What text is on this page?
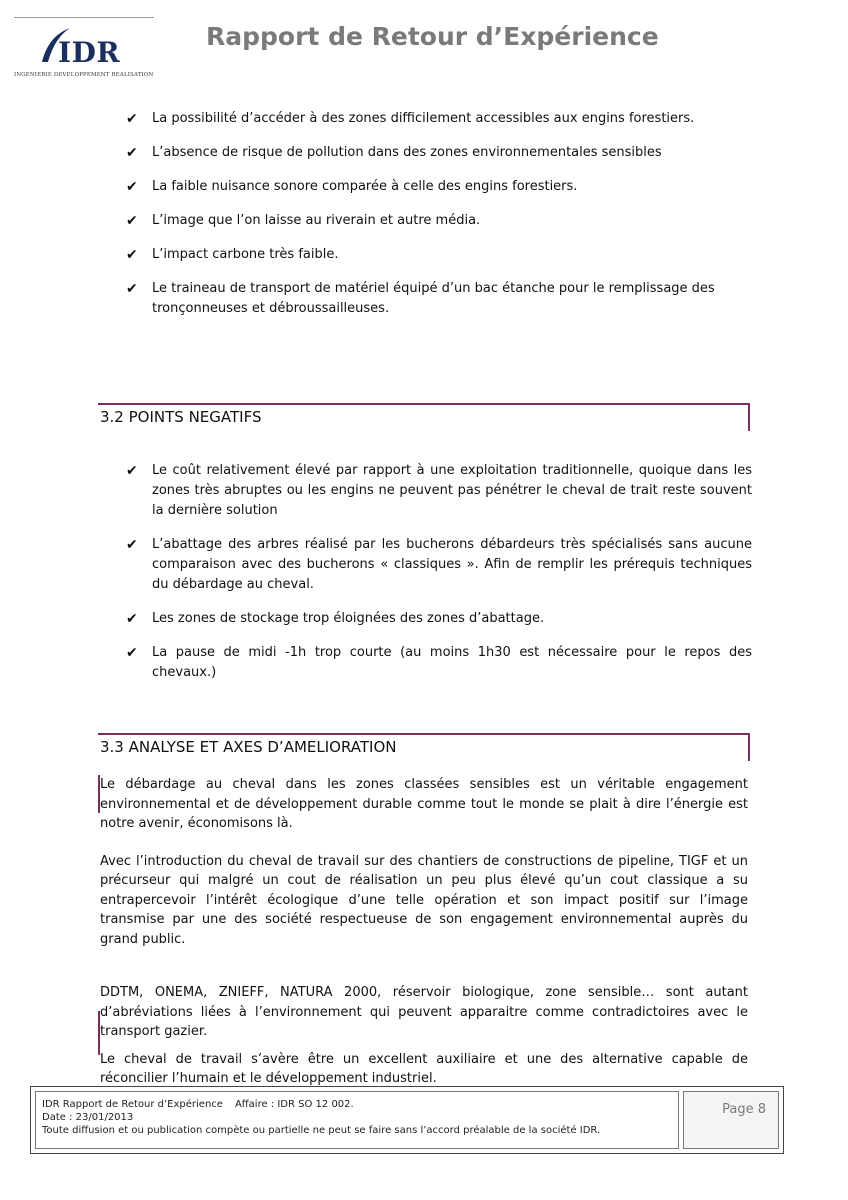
IDR
INGENIERIE DEVELOPPEMENT REALISATION
Rapport de Retour d’Expérience
✔ La possibilité d’accéder à des zones difficilement accessibles aux engins forestiers.
✔ L’absence de risque de pollution dans des zones environnementales sensibles
✔ La faible nuisance sonore comparée à celle des engins forestiers.
✔ L’image que l’on laisse au riverain et autre média.
✔ L’impact carbone très faible.
✔ Le traineau de transport de matériel équipé d’un bac étanche pour le remplissage des tronçonneuses et débroussailleuses.
3.2 POINTS NEGATIFS
✔ Le coût relativement élevé par rapport à une exploitation traditionnelle, quoique dans les zones très abruptes ou les engins ne peuvent pas pénétrer le cheval de trait reste souvent la dernière solution
✔ L’abattage des arbres réalisé par les bucherons débardeurs très spécialisés sans aucune comparaison avec des bucherons « classiques ». Afin de remplir les prérequis techniques du débardage au cheval.
✔ Les zones de stockage trop éloignées des zones d’abattage.
✔ La pause de midi -1h trop courte (au moins 1h30 est nécessaire pour le repos des chevaux.)
3.3 ANALYSE ET AXES D’AMELIORATION

Le débardage au cheval dans les zones classées sensibles est un véritable engagement environnemental et de développement durable comme tout le monde se plait à dire l’énergie est notre avenir, économisons là.

Avec l’introduction du cheval de travail sur des chantiers de constructions de pipeline, TIGF et un précurseur qui malgré un cout de réalisation un peu plus élevé qu’un cout classique a su entrapercevoir l’intérêt écologique d’une telle opération et son impact positif sur l’image transmise par une des société respectueuse de son engagement environnemental auprès du grand public.

DDTM, ONEMA, ZNIEFF, NATURA 2000, réservoir biologique, zone sensible… sont autant d’abréviations liées à l’environnement qui peuvent apparaitre comme contradictoires avec le transport gazier.

Le cheval de travail s’avère être un excellent auxiliaire et une des alternative capable de réconcilier l’humain et le développement industriel.

IDR Rapport de Retour d’Expérience Affaire : IDR SO 12 002.
Date : 23/01/2013
Toute diffusion et ou publication compète ou partielle ne peut se faire sans l’accord préalable de la société IDR.
Page 8
